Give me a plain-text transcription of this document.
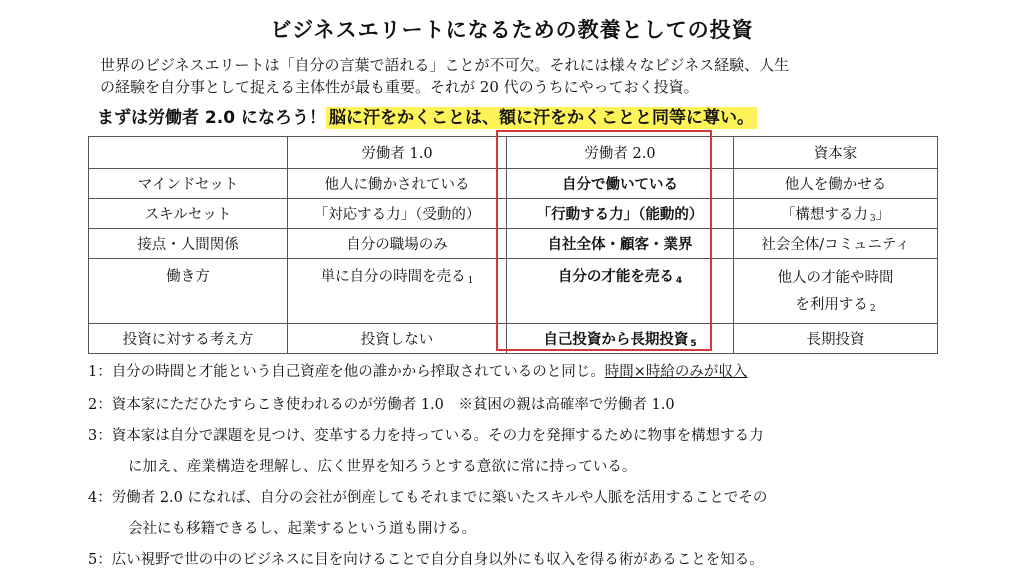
ビジネスエリートになるための教養としての投資
世界のビジネスエリートは「自分の言葉で語れる」ことが不可欠。それには様々なビジネス経験、人生
の経験を自分事として捉える主体性が最も重要。それが 20 代のうちにやっておく投資。
まずは労働者 2.0 になろう！ 脳に汗をかくことは、額に汗をかくことと同等に尊い。
	労働者 1.0	労働者 2.0	資本家
マインドセット	他人に働かされている	自分で働いている	他人を働かせる
スキルセット	「対応する力」（受動的）	「行動する力」（能動的）	「構想する力 $_3$」
接点・人間関係	自分の職場のみ	自社全体・顧客・業界	社会全体/コミュニティ
働き方	単に自分の時間を売る $_1$	自分の才能を売る $_4$	他人の才能や時間
を利用する $_2$
投資に対する考え方	投資しない	自己投資から長期投資 $_5$	長期投資
1：自分の時間と才能という自己資産を他の誰かから搾取されているのと同じ。時間×時給のみが収入
2：資本家にただひたすらこき使われるのが労働者 1.0　※貧困の親は高確率で労働者 1.0
3：資本家は自分で課題を見つけ、変革する力を持っている。その力を発揮するために物事を構想する力
に加え、産業構造を理解し、広く世界を知ろうとする意欲に常に持っている。
4：労働者 2.0 になれば、自分の会社が倒産してもそれまでに築いたスキルや人脈を活用することでその
会社にも移籍できるし、起業するという道も開ける。
5：広い視野で世の中のビジネスに目を向けることで自分自身以外にも収入を得る術があることを知る。
